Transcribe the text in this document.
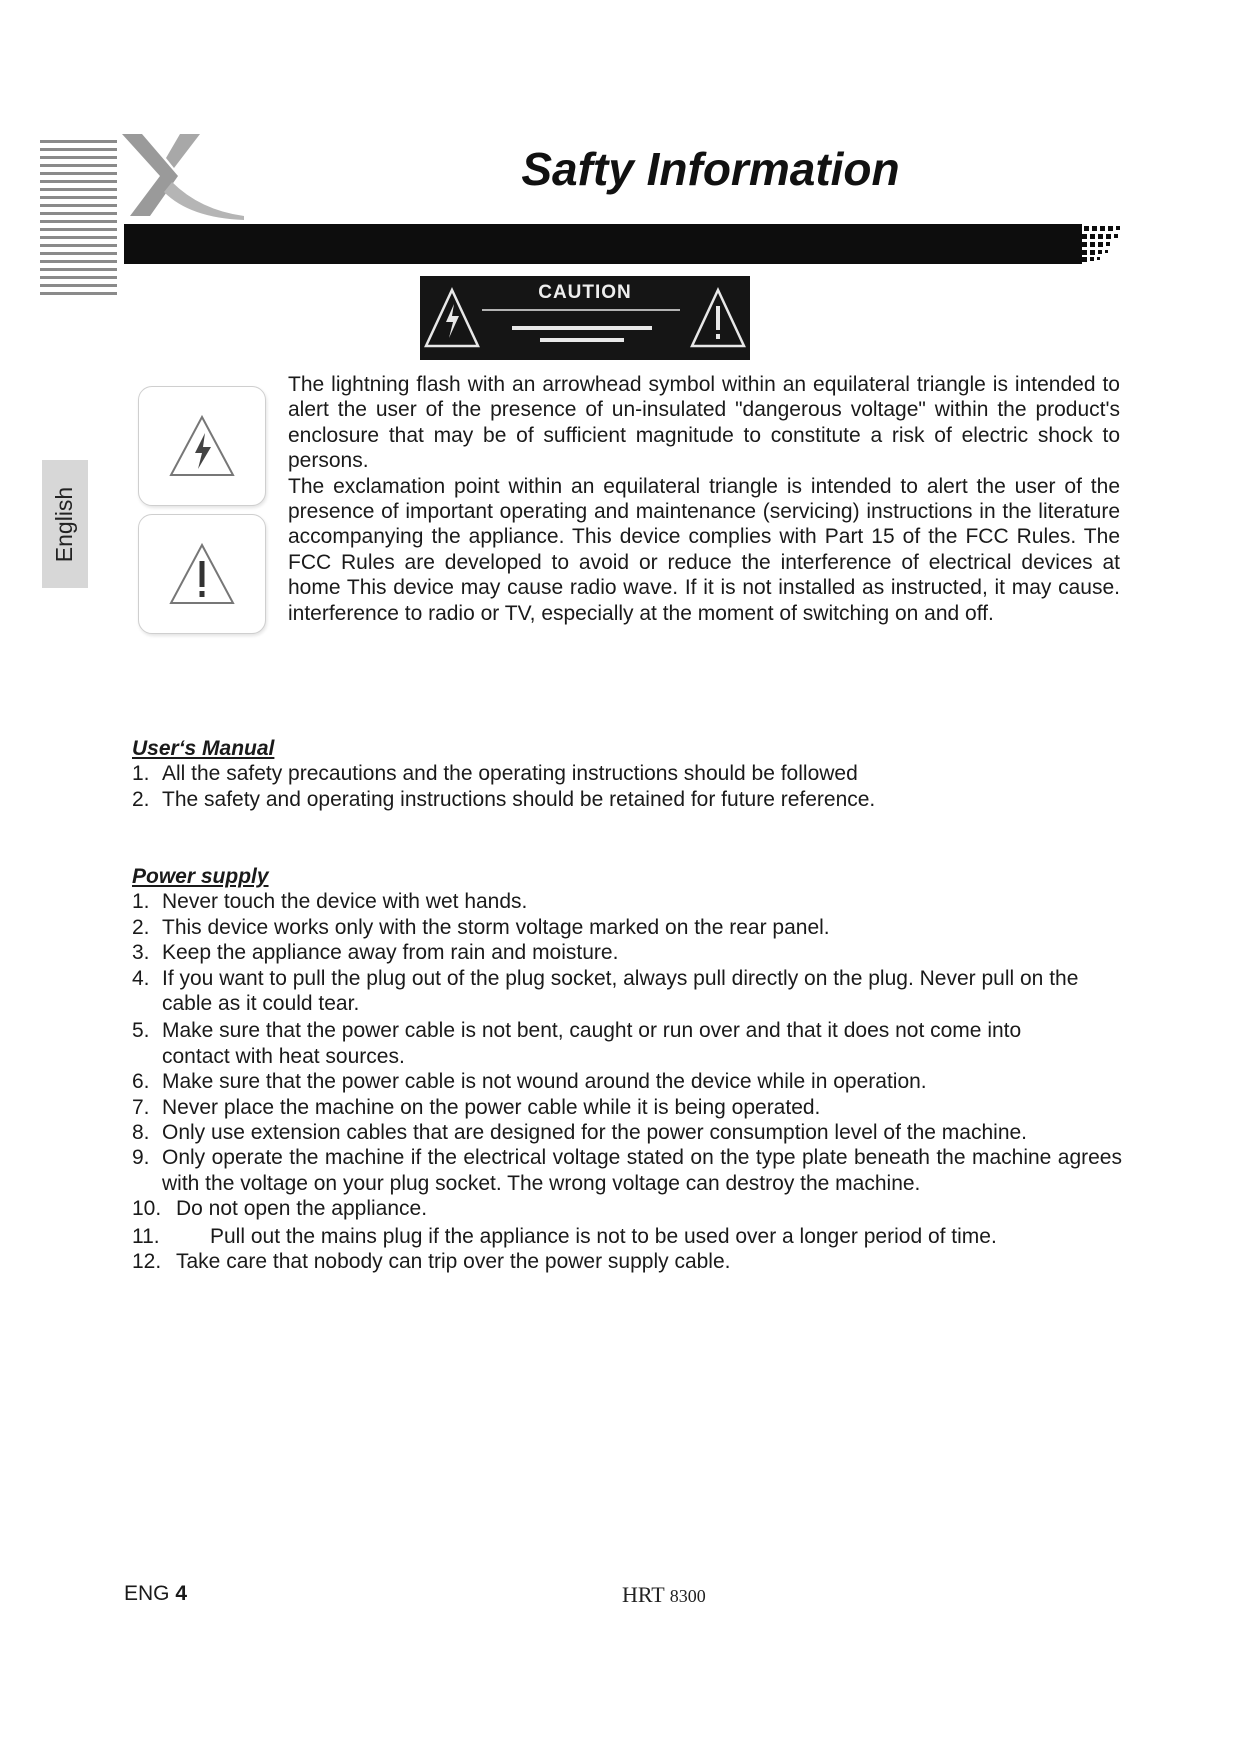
Safty Information
CAUTION
English

The lightning flash with an arrowhead symbol within an equilateral triangle is intended to alert the user of the presence of un-insulated "dangerous voltage" within the product's enclosure that may be of sufficient magnitude to constitute a risk of electric shock to persons.

The exclamation point within an equilateral triangle is intended to alert the user of the presence of important operating and maintenance (servicing) instructions in the literature accompanying the appliance. This device complies with Part 15 of the FCC Rules. The FCC Rules are developed to avoid or reduce the interference of electrical devices at home This device may cause radio wave. If it is not installed as instructed, it may cause. interference to radio or TV, especially at the moment of switching on and off.

User‘s Manual
1. All the safety precautions and the operating instructions should be followed
2. The safety and operating instructions should be retained for future reference.
Power supply
1. Never touch the device with wet hands.
2. This device works only with the storm voltage marked on the rear panel.
3. Keep the appliance away from rain and moisture.
4. If you want to pull the plug out of the plug socket, always pull directly on the plug. Never pull on the cable as it could tear.
5. Make sure that the power cable is not bent, caught or run over and that it does not come into contact with heat sources.
6. Make sure that the power cable is not wound around the device while in operation.
7. Never place the machine on the power cable while it is being operated.
8. Only use extension cables that are designed for the power consumption level of the machine.
9. Only operate the machine if the electrical voltage stated on the type plate beneath the machine agrees with the voltage on your plug socket. The wrong voltage can destroy the machine.
10. Do not open the appliance.
11.	Pull out the mains plug if the appliance is not to be used over a longer period of time.
12. Take care that nobody can trip over the power supply cable.
ENG 4	HRT 8300
